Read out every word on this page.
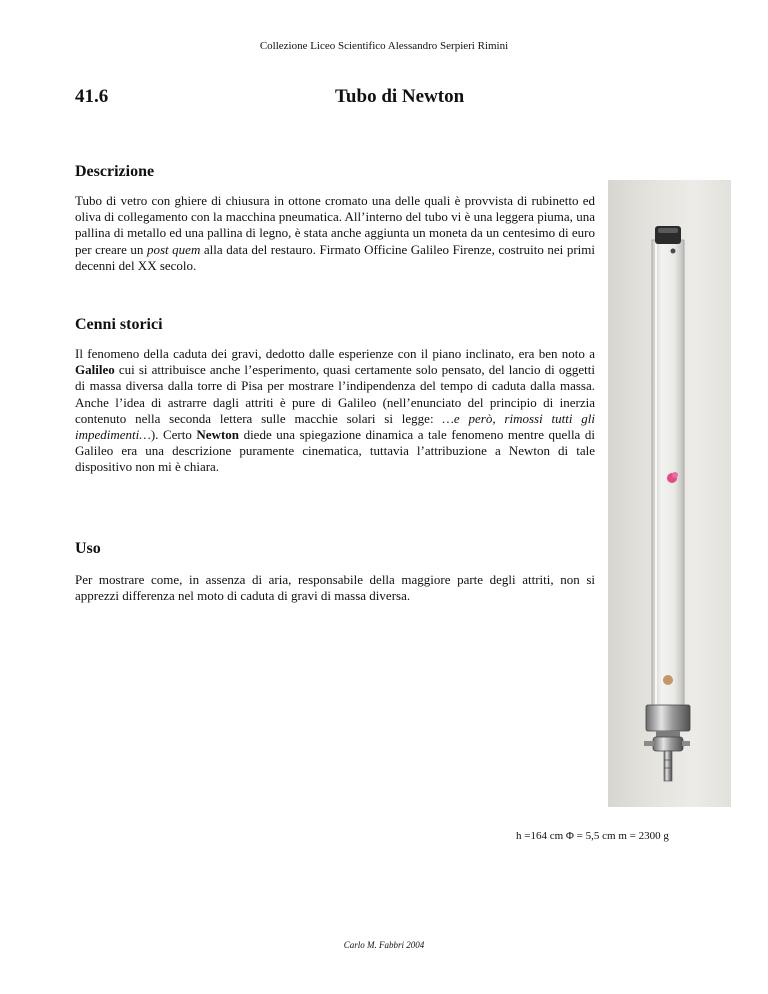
Collezione Liceo Scientifico Alessandro Serpieri Rimini
41.6	Tubo di Newton
Descrizione
Tubo di vetro con ghiere di chiusura in ottone cromato una delle quali è provvista di rubinetto ed oliva di collegamento con la macchina pneumatica. All’interno del tubo vi è una leggera piuma, una pallina di metallo ed una pallina di legno, è stata anche aggiunta un moneta da un centesimo di euro per creare un post quem alla data del restauro. Firmato Officine Galileo Firenze, costruito nei primi decenni del XX secolo.
Cenni storici
Il fenomeno della caduta dei gravi, dedotto dalle esperienze con il piano inclinato, era ben noto a Galileo cui si attribuisce anche l’esperimento, quasi certamente solo pensato, del lancio di oggetti di massa diversa dalla torre di Pisa per mostrare l’indipendenza del tempo di caduta dalla massa. Anche l’idea di astrarre dagli attriti è pure di Galileo (nell’enunciato del principio di inerzia contenuto nella seconda lettera sulle macchie solari si legge: …e però, rimossi tutti gli impedimenti…). Certo Newton diede una spiegazione dinamica a tale fenomeno mentre quella di Galileo era una descrizione puramente cinematica, tuttavia l’attribuzione a Newton di tale dispositivo non mi è chiara.
Uso
Per mostrare come, in assenza di aria, responsabile della maggiore parte degli attriti, non si apprezzi differenza nel moto di caduta di gravi di massa diversa.
h =164 cm Φ = 5,5 cm m = 2300 g
Carlo M. Fabbri 2004
